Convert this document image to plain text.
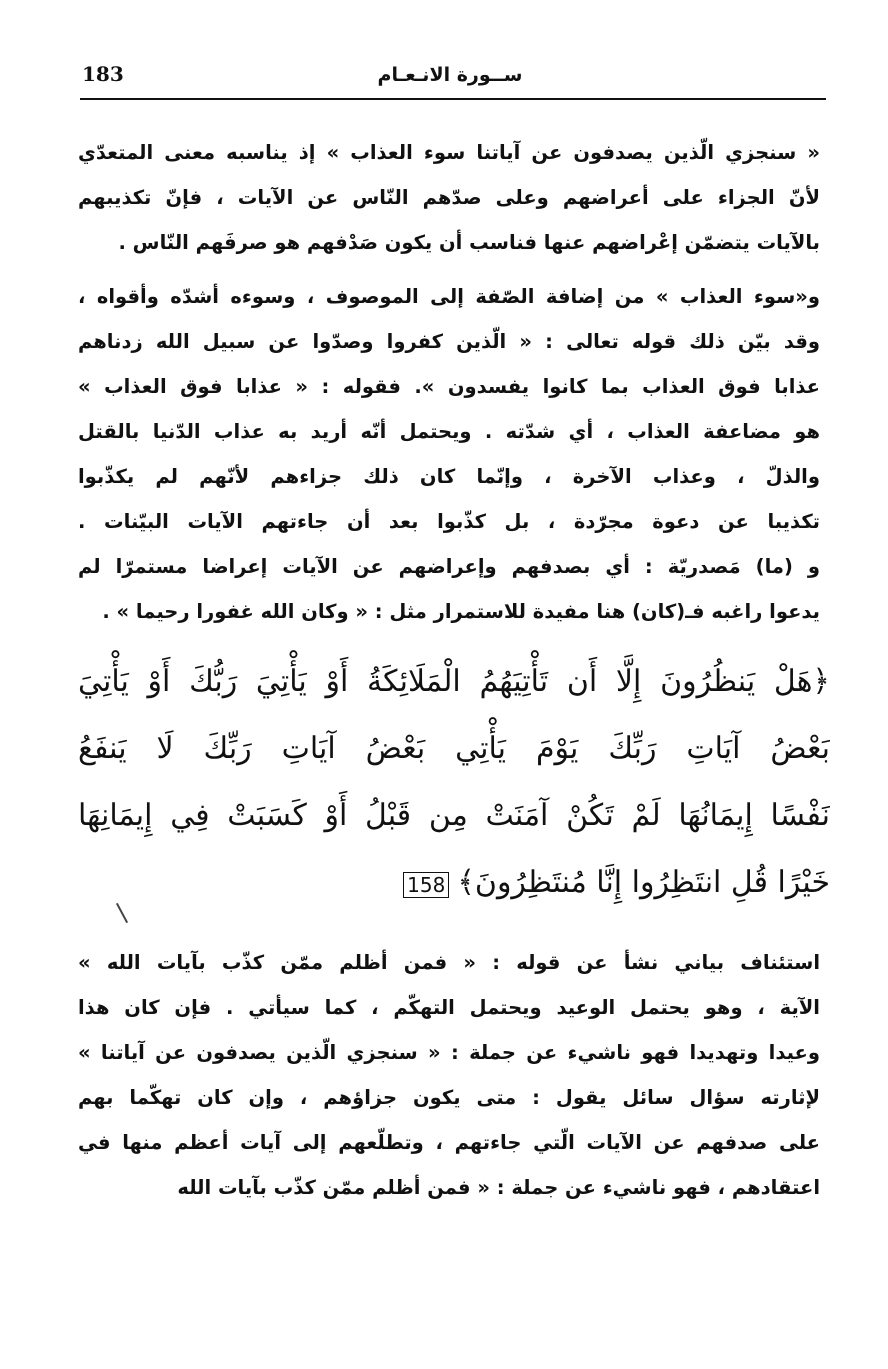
183	ســورة الانـعـام
« سنجزي الّذين يصدفون عن آياتنا سوء العذاب » إذ يناسبه معنى المتعدّي
لأنّ الجزاء على أعراضهم وعلى صدّهم النّاس عن الآيات ، فإنّ تكذيبهم
بالآيات يتضمّن إعْراضهم عنها فناسب أن يكون صَدْفهم هو صرفَهم النّاس .
و«سوء العذاب » من إضافة الصّفة إلى الموصوف ، وسوءه أشدّه وأقواه ،
وقد بيّن ذلك قوله تعالى : « الّذين كفروا وصدّوا عن سبيل الله زدناهم
عذابا فوق العذاب بما كانوا يفسدون ». فقوله : « عذابا فوق العذاب »
هو مضاعفة العذاب ، أي شدّته . ويحتمل أنّه أريد به عذاب الدّنيا بالقتل
والذلّ ، وعذاب الآخرة ، وإنّما كان ذلك جزاءهم لأنّهم لم يكذّبوا
تكذيبا عن دعوة مجرّدة ، بل كذّبوا بعد أن جاءتهم الآيات البيّنات .
و (ما) مَصدريّة : أي بصدفهم وإعراضهم عن الآيات إعراضا مستمرّا لم
يدعوا راغبه فـ(كان) هنا مفيدة للاستمرار مثل : « وكان الله غفورا رحيما » .
﴿هَلْ يَنظُرُونَ إِلَّا أَن تَأْتِيَهُمُ الْمَلَائِكَةُ أَوْ يَأْتِيَ رَبُّكَ أَوْ يَأْتِيَ
بَعْضُ آيَاتِ رَبِّكَ يَوْمَ يَأْتِي بَعْضُ آيَاتِ رَبِّكَ لَا يَنفَعُ
نَفْسًا إِيمَانُهَا لَمْ تَكُنْ آمَنَتْ مِن قَبْلُ أَوْ كَسَبَتْ فِي إِيمَانِهَا
خَيْرًا قُلِ انتَظِرُوا إِنَّا مُنتَظِرُونَ﴾158
استئناف بياني نشأ عن قوله : « فمن أظلم ممّن كذّب بآيات الله »
الآية ، وهو يحتمل الوعيد ويحتمل التهكّم ، كما سيأتي . فإن كان هذا
وعيدا وتهديدا فهو ناشيء عن جملة : « سنجزي الّذين يصدفون عن آياتنا »
لإثارته سؤال سائل يقول : متى يكون جزاؤهم ، وإن كان تهكّما بهم
على صدفهم عن الآيات الّتي جاءتهم ، وتطلّعهم إلى آيات أعظم منها في
اعتقادهم ، فهو ناشيء عن جملة : « فمن أظلم ممّن كذّب بآيات الله
